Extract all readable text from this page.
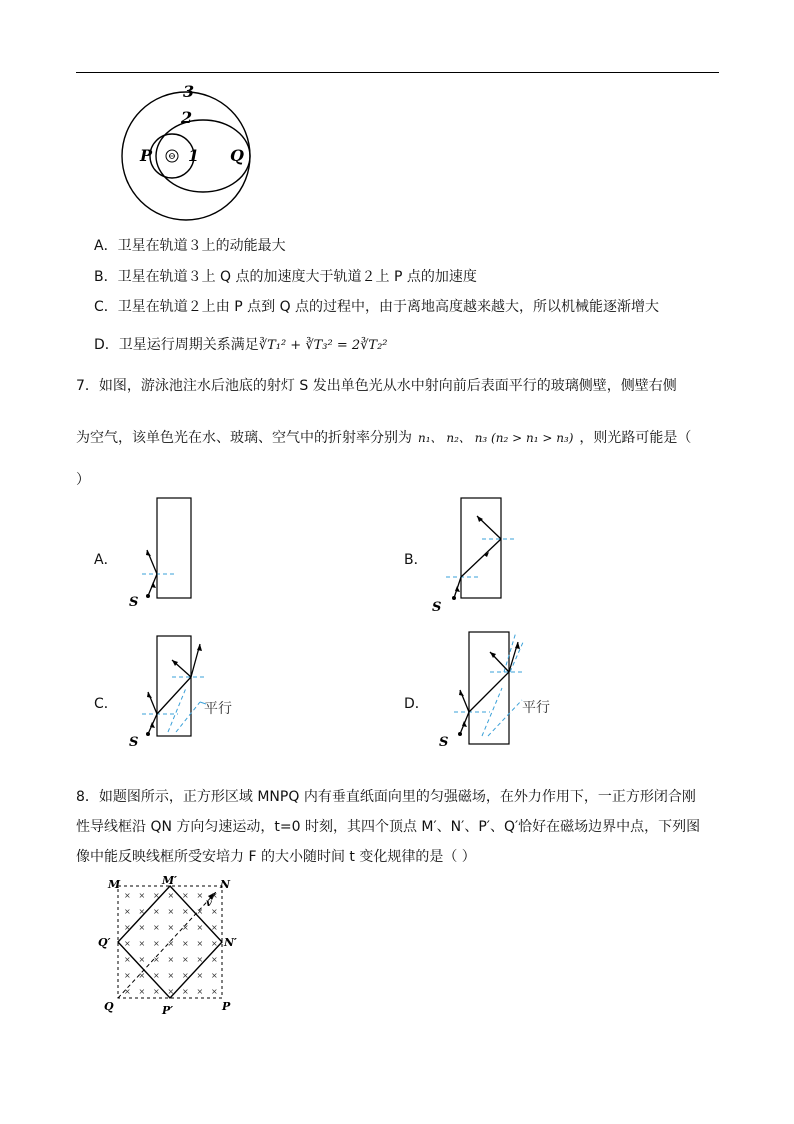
3
2
P 1 Q
A．卫星在轨道３上的动能最大
B．卫星在轨道３上 Q 点的加速度大于轨道２上 P 点的加速度
C．卫星在轨道２上由 P 点到 Q 点的过程中，由于离地高度越来越大，所以机械能逐渐增大
D．卫星运行周期关系满足∛T₁² + ∛T₃² = 2∛T₂²
7．如图，游泳池注水后池底的射灯 S 发出单色光从水中射向前后表面平行的玻璃侧壁，侧壁右侧
为空气，该单色光在水、玻璃、空气中的折射率分别为 n₁、 n₂、 n₃ (n₂ > n₁ > n₃) ，则光路可能是（
）
A．	B．
C．	D．
S	S
平行
S
平行
S
8．如题图所示，正方形区域 MNPQ 内有垂直纸面向里的匀强磁场，在外力作用下，一正方形闭合刚
性导线框沿 QN 方向匀速运动，t=0 时刻，其四个顶点 M′、N′、P′、Q′恰好在磁场边界中点，下列图
像中能反映线框所受安培力 F 的大小随时间 t 变化规律的是（ ）
× × × × × × ×
× × × × × × ×
× × × × × × ×
× × × × × × ×
× × × × × × ×
× × × × × × ×
× × × × × × ×
M	M′	N
N′
Q′
Q	P′	P
v
